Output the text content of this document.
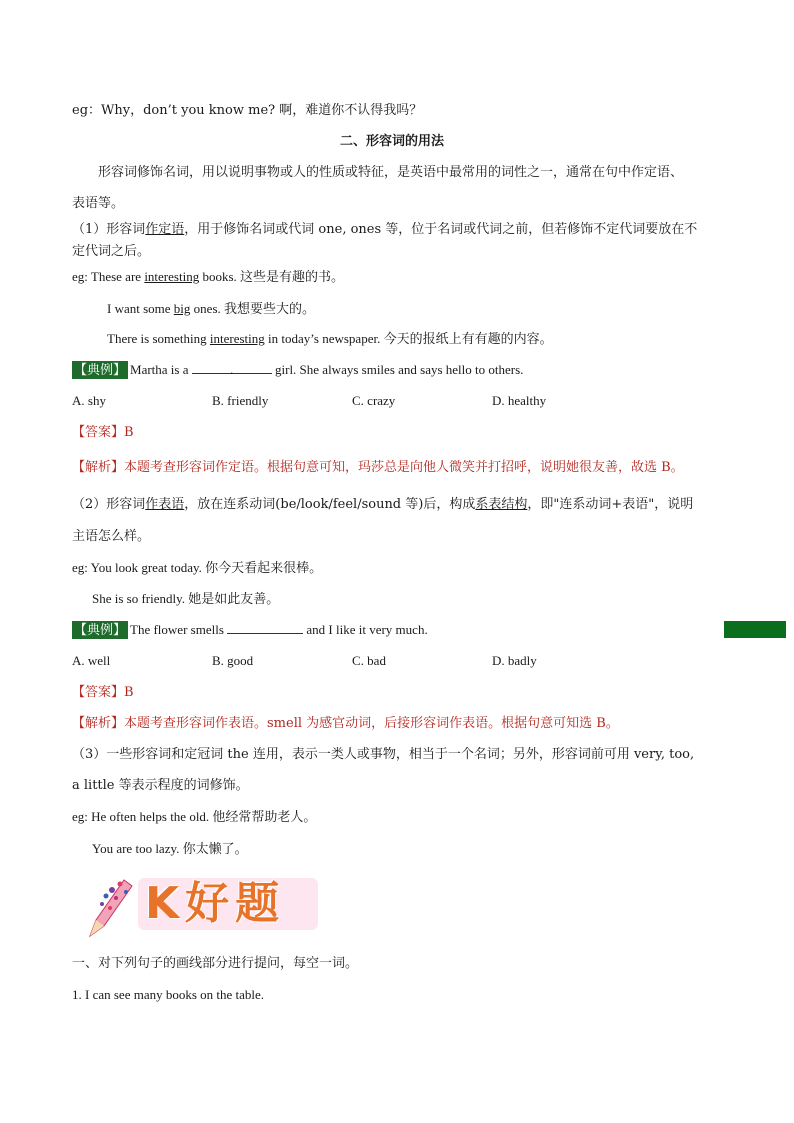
eg：Why，don’t you know me? 啊，难道你不认得我吗？
二、形容词的用法
形容词修饰名词，用以说明事物或人的性质或特征，是英语中最常用的词性之一，通常在句中作定语、
表语等。
（1）形容词作定语，用于修饰名词或代词 one, ones 等，位于名词或代词之前，但若修饰不定代词要放在不
定代词之后。
eg: These are interesting books. 这些是有趣的书。
I want some big ones. 我想要些大的。
There is something interesting in today’s newspaper. 今天的报纸上有有趣的内容。
【典例】 Martha is a	.	girl. She always smiles and says hello to others.
A. shy	B. friendly	C. crazy	D. healthy
【答案】B
【解析】本题考查形容词作定语。根据句意可知，玛莎总是向他人微笑并打招呼，说明她很友善，故选 B。
（2）形容词作表语，放在连系动词(be/look/feel/sound 等)后，构成系表结构，即"连系动词+表语"，说明
主语怎么样。
eg: You look great today. 你今天看起来很棒。
She is so friendly. 她是如此友善。
【典例】 The flower smells	and I like it very much.
A. well	B. good	C. bad	D. badly
【答案】B
【解析】本题考查形容词作表语。smell 为感官动词，后接形容词作表语。根据句意可知选 B。
（3）一些形容词和定冠词 the 连用，表示一类人或事物，相当于一个名词；另外，形容词前可用 very, too,
a little 等表示程度的词修饰。
eg: He often helps the old. 他经常帮助老人。
You are too lazy. 你太懒了。
K好题
一、对下列句子的画线部分进行提问，每空一词。
1. I can see many books on the table.
